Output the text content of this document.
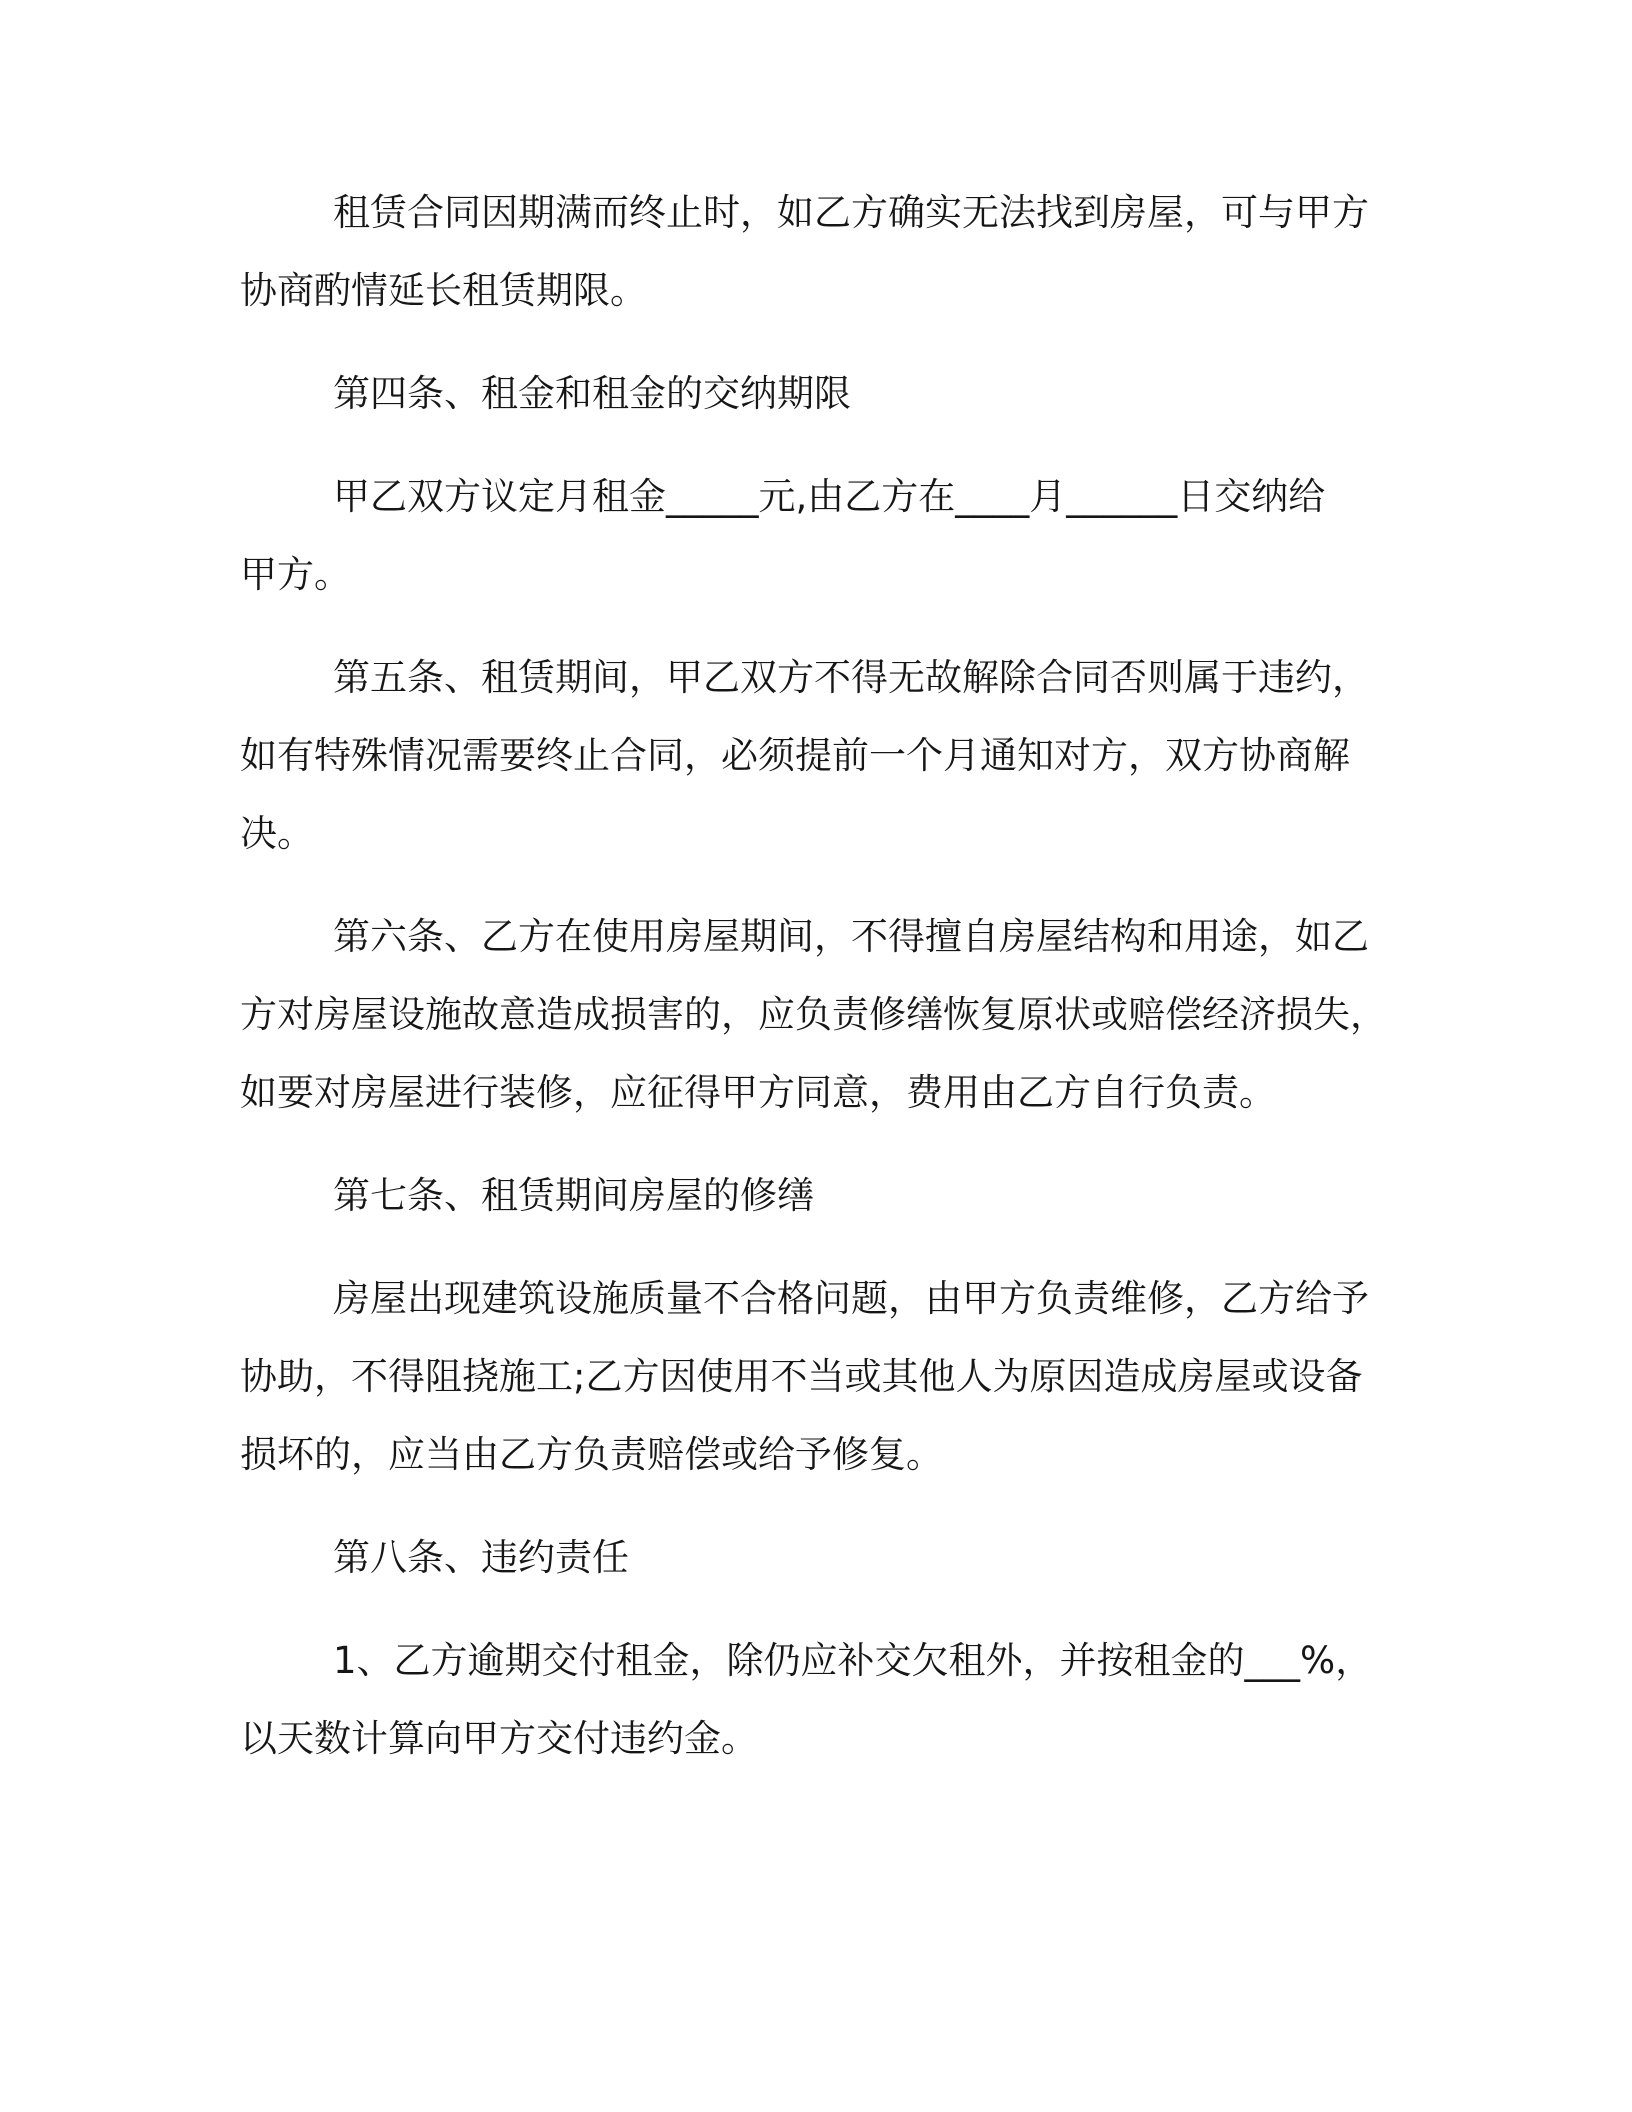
租赁合同因期满而终止时，如乙方确实无法找到房屋，可与甲方
协商酌情延长租赁期限。
第四条、租金和租金的交纳期限
甲乙双方议定月租金_____元,由乙方在____月______日交纳给
甲方。
第五条、租赁期间，甲乙双方不得无故解除合同否则属于违约，
如有特殊情况需要终止合同，必须提前一个月通知对方，双方协商解
决。
第六条、乙方在使用房屋期间，不得擅自房屋结构和用途，如乙
方对房屋设施故意造成损害的，应负责修缮恢复原状或赔偿经济损失，
如要对房屋进行装修，应征得甲方同意，费用由乙方自行负责。
第七条、租赁期间房屋的修缮
房屋出现建筑设施质量不合格问题，由甲方负责维修，乙方给予
协助，不得阻挠施工;乙方因使用不当或其他人为原因造成房屋或设备
损坏的，应当由乙方负责赔偿或给予修复。
第八条、违约责任
1、乙方逾期交付租金，除仍应补交欠租外，并按租金的___%，
以天数计算向甲方交付违约金。
